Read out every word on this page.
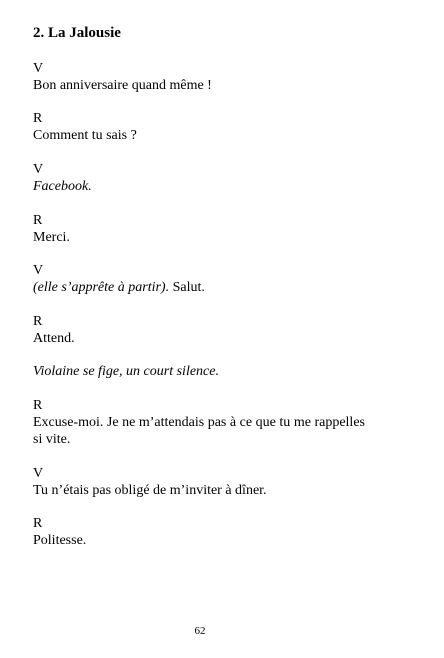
2. La Jalousie
V
Bon anniversaire quand même !
R
Comment tu sais ?
V
Facebook.
R
Merci.
V
(elle s’apprête à partir). Salut.
R
Attend.
Violaine se fige, un court silence.
R
Excuse-moi. Je ne m’attendais pas à ce que tu me rappelles si vite.
V
Tu n’étais pas obligé de m’inviter à dîner.
R
Politesse.
62
